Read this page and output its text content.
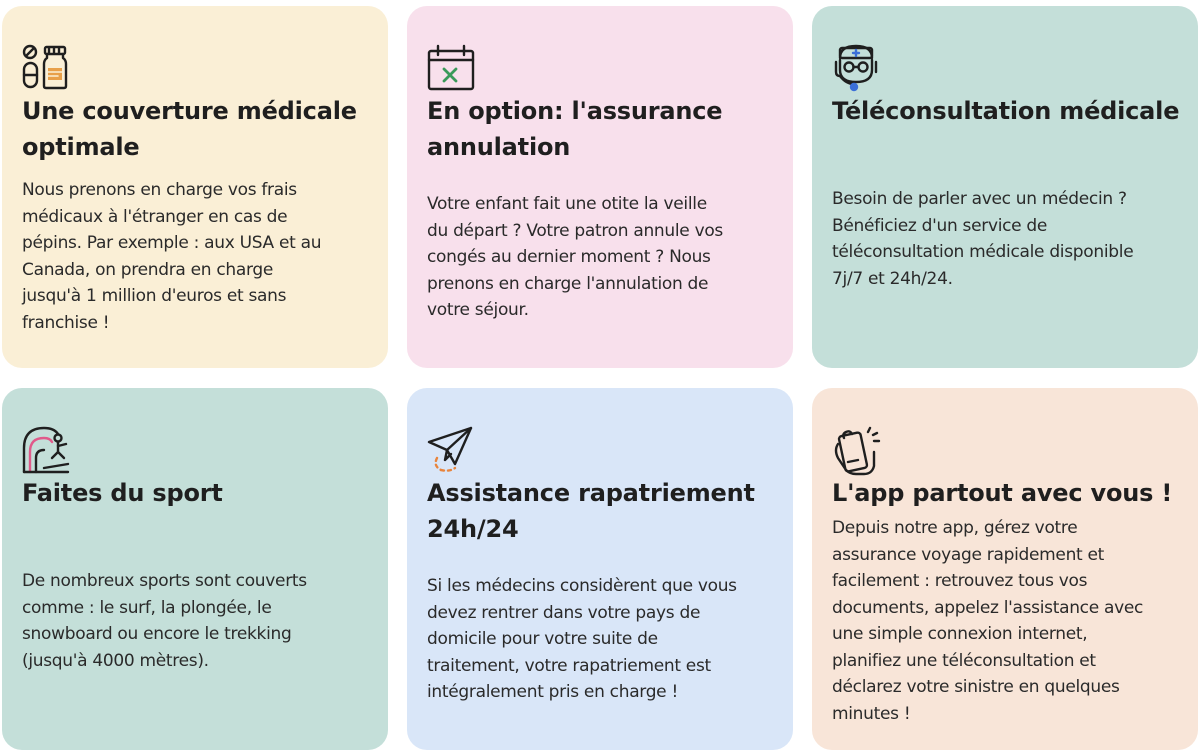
Une couverture médicale optimale

Nous prenons en charge vos frais médicaux à l'étranger en cas de pépins. Par exemple : aux USA et au Canada, on prendra en charge jusqu'à 1 million d'euros et sans franchise !

En option: l'assurance annulation

Votre enfant fait une otite la veille du départ ? Votre patron annule vos congés au dernier moment ? Nous prenons en charge l'annulation de votre séjour.

Téléconsultation médicale

Besoin de parler avec un médecin ? Bénéficiez d'un service de téléconsultation médicale disponible 7j/7 et 24h/24.

Faites du sport

De nombreux sports sont couverts comme : le surf, la plongée, le snowboard ou encore le trekking (jusqu'à 4000 mètres).

Assistance rapatriement 24h/24

Si les médecins considèrent que vous devez rentrer dans votre pays de domicile pour votre suite de traitement, votre rapatriement est intégralement pris en charge !

L'app partout avec vous !

Depuis notre app, gérez votre assurance voyage rapidement et facilement : retrouvez tous vos documents, appelez l'assistance avec une simple connexion internet, planifiez une téléconsultation et déclarez votre sinistre en quelques minutes !
